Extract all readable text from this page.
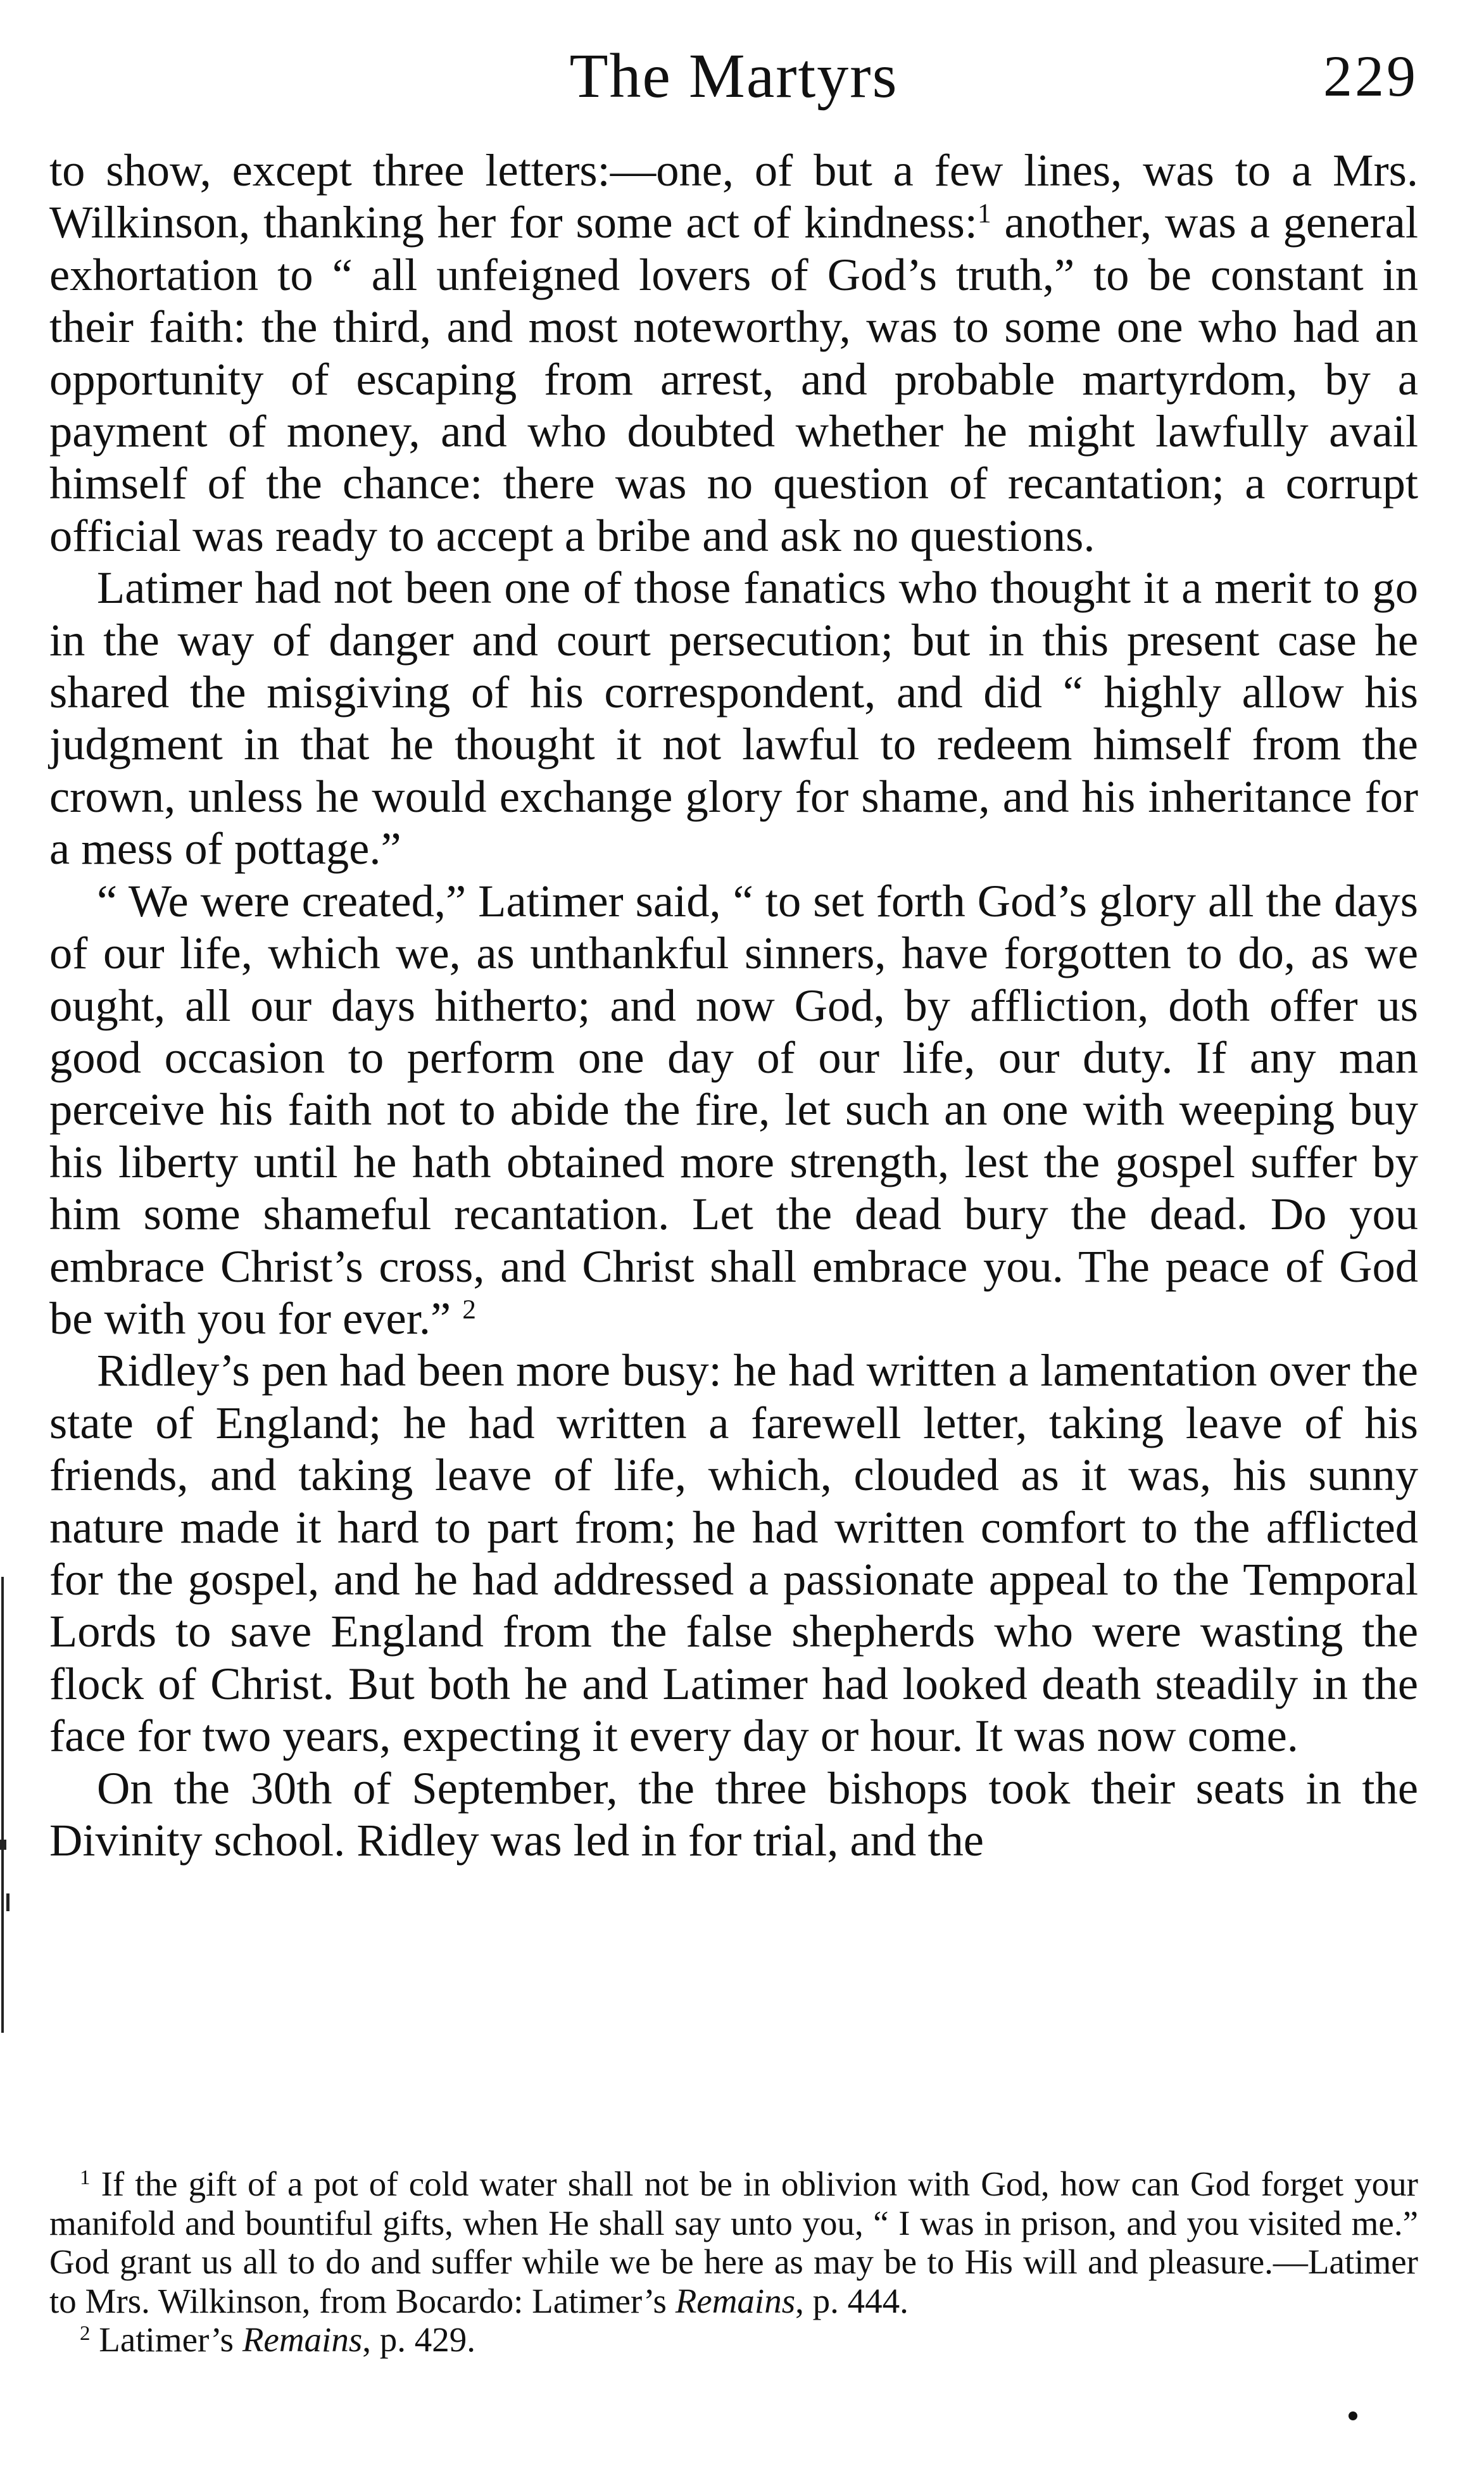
The Martyrs	229

to show, except three letters:—one, of but a few lines, was to a Mrs. Wilkinson, thanking her for some act of kindness:$^1$ another, was a general exhortation to “ all unfeigned lovers of God’s truth,” to be constant in their faith: the third, and most noteworthy, was to some one who had an opportunity of escaping from arrest, and probable martyrdom, by a payment of money, and who doubted whether he might lawfully avail himself of the chance: there was no question of recantation; a corrupt official was ready to accept a bribe and ask no questions.

Latimer had not been one of those fanatics who thought it a merit to go in the way of danger and court persecution; but in this present case he shared the misgiving of his correspondent, and did “ highly allow his judgment in that he thought it not lawful to redeem himself from the crown, unless he would exchange glory for shame, and his inheritance for a mess of pottage.”

“ We were created,” Latimer said, “ to set forth God’s glory all the days of our life, which we, as unthankful sinners, have forgotten to do, as we ought, all our days hitherto; and now God, by affliction, doth offer us good occasion to perform one day of our life, our duty. If any man perceive his faith not to abide the fire, let such an one with weeping buy his liberty until he hath obtained more strength, lest the gospel suffer by him some shameful recantation. Let the dead bury the dead. Do you embrace Christ’s cross, and Christ shall embrace you. The peace of God be with you for ever.” $^2$

Ridley’s pen had been more busy: he had written a lamentation over the state of England; he had written a farewell letter, taking leave of his friends, and taking leave of life, which, clouded as it was, his sunny nature made it hard to part from; he had written comfort to the afflicted for the gospel, and he had addressed a passionate appeal to the Temporal Lords to save England from the false shepherds who were wasting the flock of Christ. But both he and Latimer had looked death steadily in the face for two years, expecting it every day or hour. It was now come.

On the 30th of September, the three bishops took their seats in the Divinity school. Ridley was led in for trial, and the

$^1$ If the gift of a pot of cold water shall not be in oblivion with God, how can God forget your manifold and bountiful gifts, when He shall say unto you, “ I was in prison, and you visited me.” God grant us all to do and suffer while we be here as may be to His will and pleasure.—Latimer to Mrs. Wilkinson, from Bocardo: Latimer’s Remains, p. 444.

$^2$ Latimer’s Remains, p. 429.
